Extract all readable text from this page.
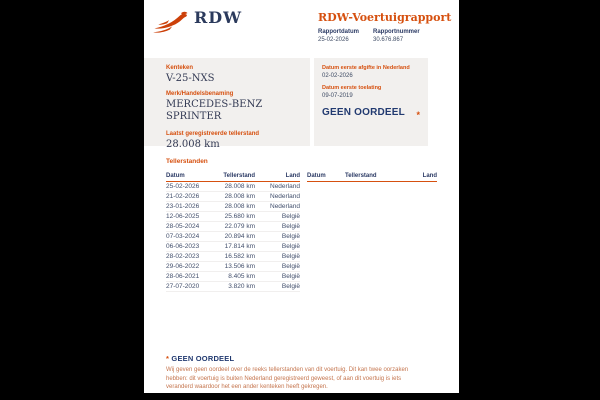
RDW	RDW-Voertuigrapport
Rapportdatum
25-02-2026
Rapportnummer
30.676.867
Kenteken
V-25-NXS
Merk/Handelsbenaming
MERCEDES-BENZ
SPRINTER
Laatst geregistreerde tellerstand
28.008 km
Datum eerste afgifte in Nederland
02-02-2026
Datum eerste toelating
09-07-2019
GEEN OORDEEL	*
Tellerstanden
Datum	Tellerstand	Land
25-02-2026	28.008 km	Nederland
21-02-2026	28.008 km	Nederland
23-01-2026	28.008 km	Nederland
12-06-2025	25.680 km	België
28-05-2024	22.079 km	België
07-03-2024	20.894 km	België
06-06-2023	17.814 km	België
28-02-2023	16.582 km	België
29-06-2022	13.506 km	België
28-06-2021	8.405 km	België
27-07-2020	3.820 km	België
Datum	Tellerstand	Land
* GEEN OORDEEL
Wij geven geen oordeel over de reeks tellerstanden van dit voertuig. Dit kan twee oorzaken hebben: dit voertuig is buiten Nederland geregistreerd geweest, of aan dit voertuig is iets veranderd waardoor het een ander kenteken heeft gekregen.
